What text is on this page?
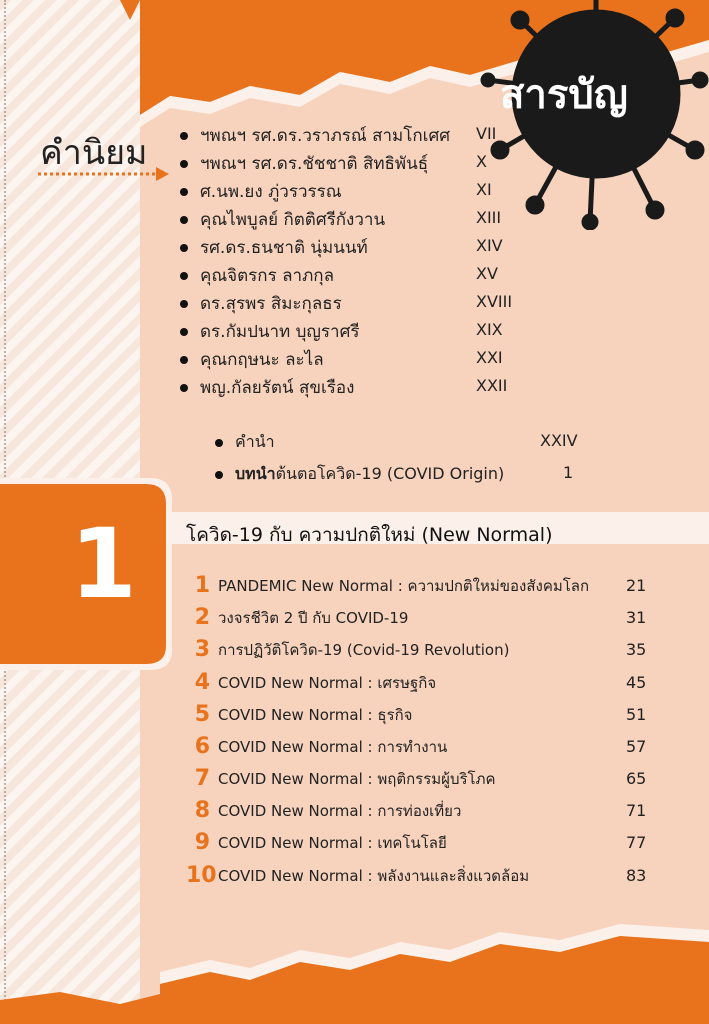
สารบัญ
คำนิยม	ฯพณฯ รศ.ดร.วราภรณ์ สามโกเศศ VII
ฯพณฯ รศ.ดร.ชัชชาติ สิทธิพันธุ์	X
ศ.นพ.ยง ภู่วรวรรณ	XI
คุณไพบูลย์ กิตติศรีกังวาน	XIII
รศ.ดร.ธนชาติ นุ่มนนท์	XIV
คุณจิตรกร ลาภกุล	XV
ดร.สุรพร สิมะกุลธร	XVIII
ดร.กัมปนาท บุญราศรี	XIX
คุณกฤษนะ ละไล	XXI
พญ.กัลยรัตน์ สุขเรือง	XXII
คำนำ	XXIV
บทนำ ต้นตอโควิด-19 (COVID Origin)	1
1	โควิด-19 กับ ความปกติใหม่ (New Normal)
1 PANDEMIC New Normal : ความปกติใหม่ของสังคมโลก 21
2 วงจรชีวิต 2 ปี กับ COVID-19	31
3 การปฏิวัติโควิด-19 (Covid-19 Revolution)	35
4 COVID New Normal : เศรษฐกิจ	45
5 COVID New Normal : ธุรกิจ	51
6 COVID New Normal : การทำงาน	57
7 COVID New Normal : พฤติกรรมผู้บริโภค	65
8 COVID New Normal : การท่องเที่ยว	71
9 COVID New Normal : เทคโนโลยี	77
10 COVID New Normal : พลังงานและสิ่งแวดล้อม	83
